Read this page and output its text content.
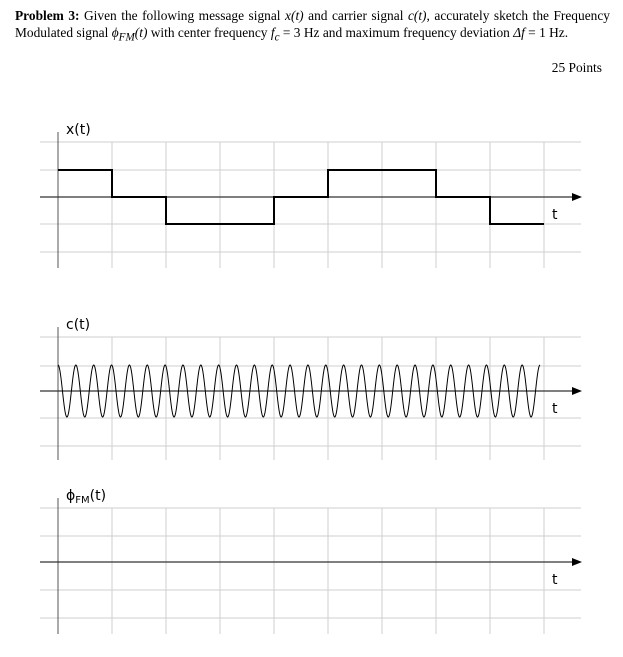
Problem 3: Given the following message signal x(t) and carrier signal c(t), accurately sketch the Frequency Modulated signal $\phi_{FM}(t)$ with center frequency $f_c = 3$ Hz and maximum frequency deviation Δf = 1 Hz.

25 Points
x(t)
t
c(t)
t
$\phi_{FM}(t)$
t
